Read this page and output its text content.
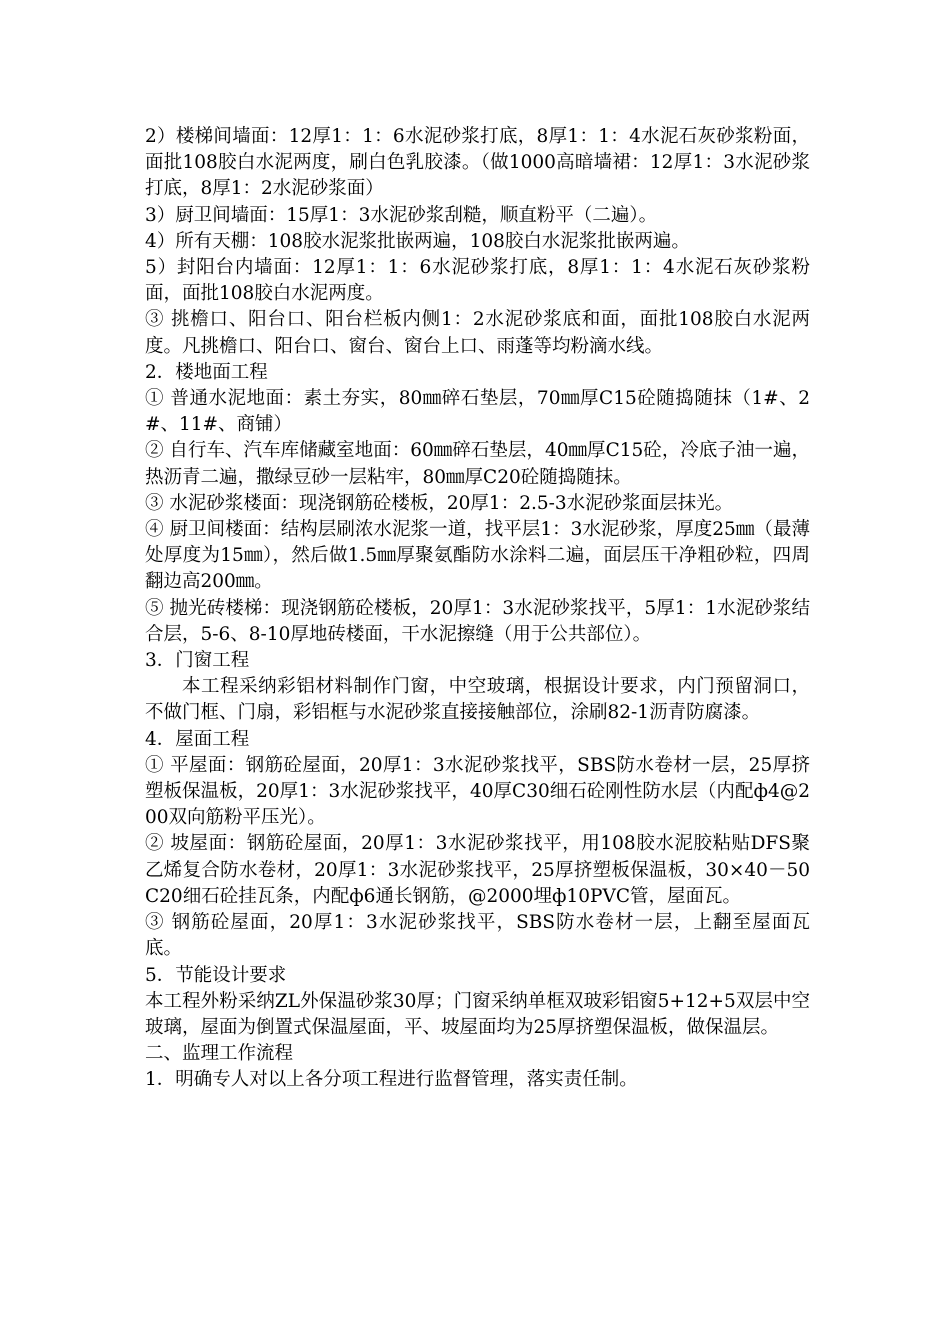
2）楼梯间墙面：12厚1：1：6水泥砂浆打底，8厚1：1：4水泥石灰砂浆粉面，面批108胶白水泥两度，刷白色乳胶漆。（做1000高暗墙裙：12厚1：3水泥砂浆打底，8厚1：2水泥砂浆面）

3）厨卫间墙面：15厚1：3水泥砂浆刮糙，顺直粉平（二遍）。

4）所有天棚：108胶水泥浆批嵌两遍，108胶白水泥浆批嵌两遍。

5）封阳台内墙面：12厚1：1：6水泥砂浆打底，8厚1：1：4水泥石灰砂浆粉面，面批108胶白水泥两度。

③ 挑檐口、阳台口、阳台栏板内侧1：2水泥砂浆底和面，面批108胶白水泥两度。凡挑檐口、阳台口、窗台、窗台上口、雨蓬等均粉滴水线。

2．楼地面工程

① 普通水泥地面：素土夯实，80㎜碎石垫层，70㎜厚C15砼随捣随抹（1#、2#、11#、商铺）

② 自行车、汽车库储藏室地面：60㎜碎石垫层，40㎜厚C15砼，冷底子油一遍，热沥青二遍，撒绿豆砂一层粘牢，80㎜厚C20砼随捣随抹。

③ 水泥砂浆楼面：现浇钢筋砼楼板，20厚1：2.5-3水泥砂浆面层抹光。

④ 厨卫间楼面：结构层刷浓水泥浆一道，找平层1：3水泥砂浆，厚度25㎜（最薄处厚度为15㎜），然后做1.5㎜厚聚氨酯防水涂料二遍，面层压干净粗砂粒，四周翻边高200㎜。

⑤ 抛光砖楼梯：现浇钢筋砼楼板，20厚1：3水泥砂浆找平，5厚1：1水泥砂浆结合层，5-6、8-10厚地砖楼面，干水泥擦缝（用于公共部位）。

3．门窗工程

本工程采纳彩铝材料制作门窗，中空玻璃，根据设计要求，内门预留洞口，不做门框、门扇，彩铝框与水泥砂浆直接接触部位，涂刷82-1沥青防腐漆。

4．屋面工程

① 平屋面：钢筋砼屋面，20厚1：3水泥砂浆找平，SBS防水卷材一层，25厚挤塑板保温板，20厚1：3水泥砂浆找平，40厚C30细石砼刚性防水层（内配ф4@200双向筋粉平压光）。

② 坡屋面：钢筋砼屋面，20厚1：3水泥砂浆找平，用108胶水泥胶粘贴DFS聚乙烯复合防水卷材，20厚1：3水泥砂浆找平，25厚挤塑板保温板，30×40－50C20细石砼挂瓦条，内配ф6通长钢筋，@2000埋ф10PVC管，屋面瓦。

③ 钢筋砼屋面，20厚1：3水泥砂浆找平，SBS防水卷材一层，上翻至屋面瓦底。

5．节能设计要求

本工程外粉采纳ZL外保温砂浆30厚；门窗采纳单框双玻彩铝窗5+12+5双层中空玻璃，屋面为倒置式保温屋面，平、坡屋面均为25厚挤塑保温板，做保温层。

二、监理工作流程

1．明确专人对以上各分项工程进行监督管理，落实责任制。
